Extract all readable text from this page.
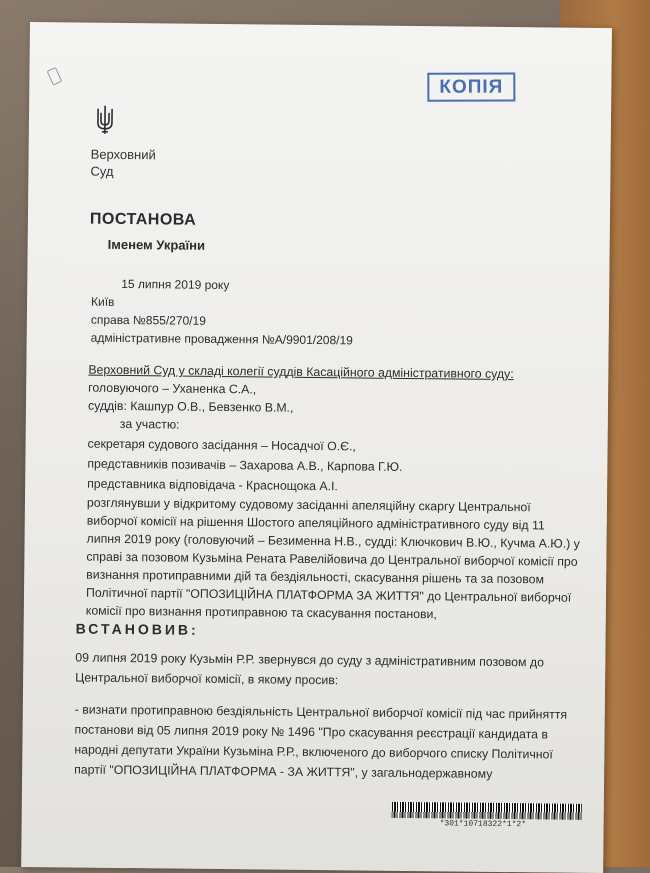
КОПІЯ
Верховний
Суд
ПОСТАНОВА
Іменем України
15 липня 2019 року
Київ
справа №855/270/19
адміністративне провадження №А/9901/208/19
Верховний Суд у складі колегії суддів Касаційного адміністративного суду:
головуючого – Уханенка С.А.,
суддів: Кашпур О.В., Бевзенко В.М.,
за участю:
секретаря судового засідання – Носадчої О.Є.,
представників позивачів – Захарова А.В., Карпова Г.Ю.
представника відповідача - Краснощока А.І.
розглянувши у відкритому судовому засіданні апеляційну скаргу Центральної
виборчої комісії на рішення Шостого апеляційного адміністративного суду від 11
липня 2019 року (головуючий – Безименна Н.В., судді: Ключкович В.Ю., Кучма А.Ю.) у
справі за позовом Кузьміна Рената Равелійовича до Центральної виборчої комісії про
визнання протиправними дій та бездіяльності, скасування рішень та за позовом
Політичної партії "ОПОЗИЦІЙНА ПЛАТФОРМА ЗА ЖИТТЯ" до Центральної виборчої
комісії про визнання протиправною та скасування постанови,
ВСТАНОВИВ:
09 липня 2019 року Кузьмін Р.Р. звернувся до суду з адміністративним позовом до
Центральної виборчої комісії, в якому просив:
- визнати протиправною бездіяльність Центральної виборчої комісії під час прийняття
постанови від 05 липня 2019 року № 1496 "Про скасування реєстрації кандидата в
народні депутати України Кузьміна Р.Р., включеного до виборчого списку Політичної
партії "ОПОЗИЦІЙНА ПЛАТФОРМА - ЗА ЖИТТЯ", у загальнодержавному
*301*10718322*1*2*
